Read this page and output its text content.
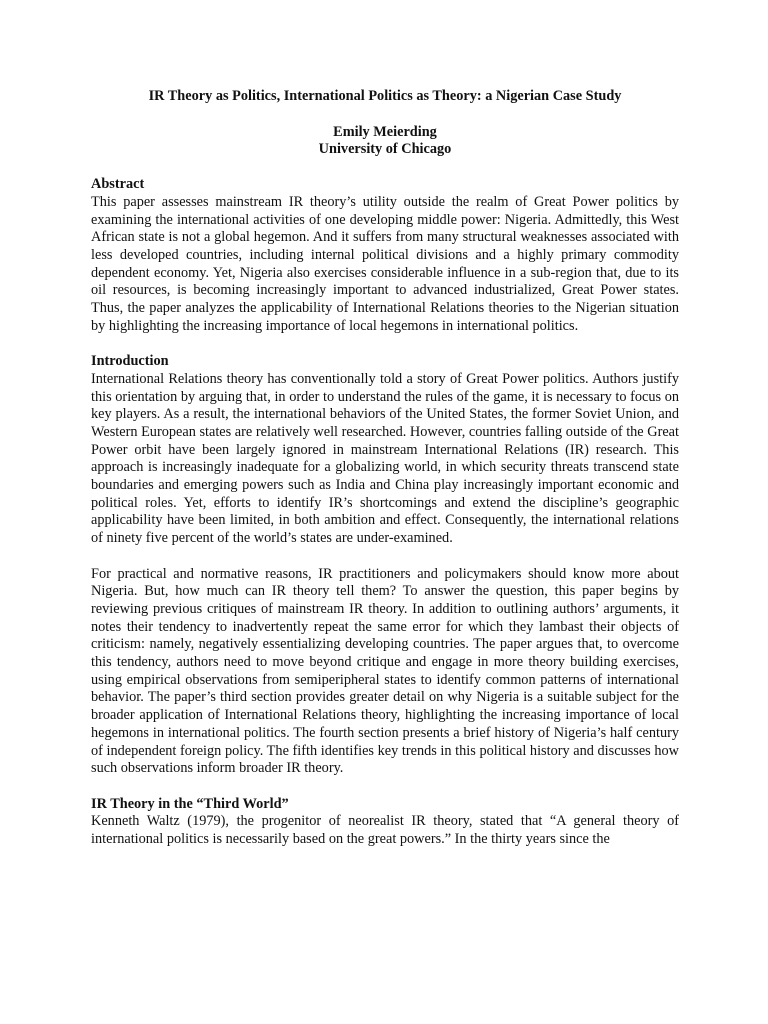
IR Theory as Politics, International Politics as Theory: a Nigerian Case Study

Emily Meierding

University of Chicago

Abstract

This paper assesses mainstream IR theory’s utility outside the realm of Great Power politics by examining the international activities of one developing middle power: Nigeria. Admittedly, this West African state is not a global hegemon. And it suffers from many structural weaknesses associated with less developed countries, including internal political divisions and a highly primary commodity dependent economy. Yet, Nigeria also exercises considerable influence in a sub-region that, due to its oil resources, is becoming increasingly important to advanced industrialized, Great Power states. Thus, the paper analyzes the applicability of International Relations theories to the Nigerian situation by highlighting the increasing importance of local hegemons in international politics.

Introduction

International Relations theory has conventionally told a story of Great Power politics. Authors justify this orientation by arguing that, in order to understand the rules of the game, it is necessary to focus on key players. As a result, the international behaviors of the United States, the former Soviet Union, and Western European states are relatively well researched. However, countries falling outside of the Great Power orbit have been largely ignored in mainstream International Relations (IR) research. This approach is increasingly inadequate for a globalizing world, in which security threats transcend state boundaries and emerging powers such as India and China play increasingly important economic and political roles. Yet, efforts to identify IR’s shortcomings and extend the discipline’s geographic applicability have been limited, in both ambition and effect. Consequently, the international relations of ninety five percent of the world’s states are under-examined.

For practical and normative reasons, IR practitioners and policymakers should know more about Nigeria. But, how much can IR theory tell them? To answer the question, this paper begins by reviewing previous critiques of mainstream IR theory. In addition to outlining authors’ arguments, it notes their tendency to inadvertently repeat the same error for which they lambast their objects of criticism: namely, negatively essentializing developing countries. The paper argues that, to overcome this tendency, authors need to move beyond critique and engage in more theory building exercises, using empirical observations from semiperipheral states to identify common patterns of international behavior. The paper’s third section provides greater detail on why Nigeria is a suitable subject for the broader application of International Relations theory, highlighting the increasing importance of local hegemons in international politics. The fourth section presents a brief history of Nigeria’s half century of independent foreign policy. The fifth identifies key trends in this political history and discusses how such observations inform broader IR theory.

IR Theory in the “Third World”

Kenneth Waltz (1979), the progenitor of neorealist IR theory, stated that “A general theory of international politics is necessarily based on the great powers.” In the thirty years since the
